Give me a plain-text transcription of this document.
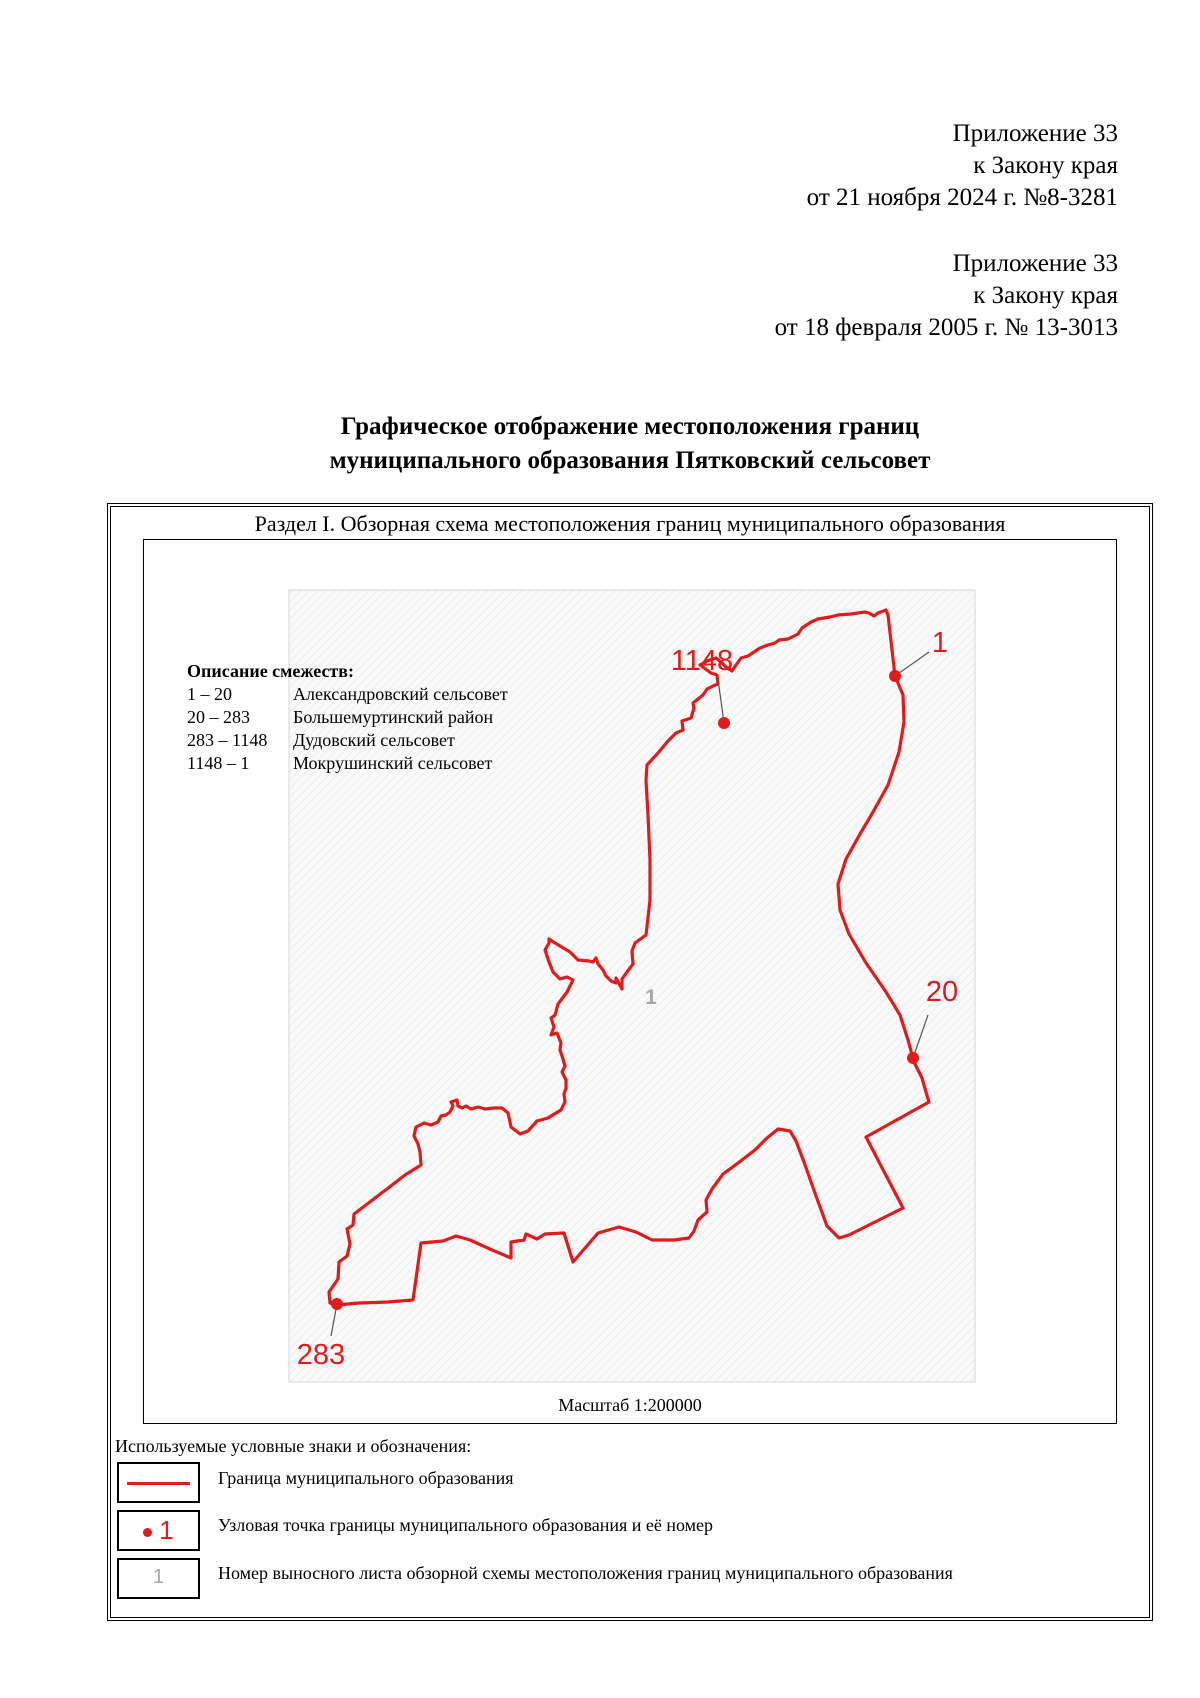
Приложение 33
к Закону края
от 21 ноября 2024 г. №8-3281
Приложение 33
к Закону края
от 18 февраля 2005 г. № 13-3013
Графическое отображение местоположения границ
муниципального образования Пятковский сельсовет
Раздел I. Обзорная схема местоположения границ муниципального образования
1
20
283
1148
1
Описание смежеств:
1 – 20	Александровский сельсовет
20 – 283 Большемуртинский район
283 – 1148 Дудовский сельсовет
1148 – 1 Мокрушинский сельсовет
Масштаб 1:200000
Используемые условные знаки и обозначения:
Граница муниципального образования
1	Узловая точка границы муниципального образования и её номер
1	Номер выносного листа обзорной схемы местоположения границ муниципального образования
